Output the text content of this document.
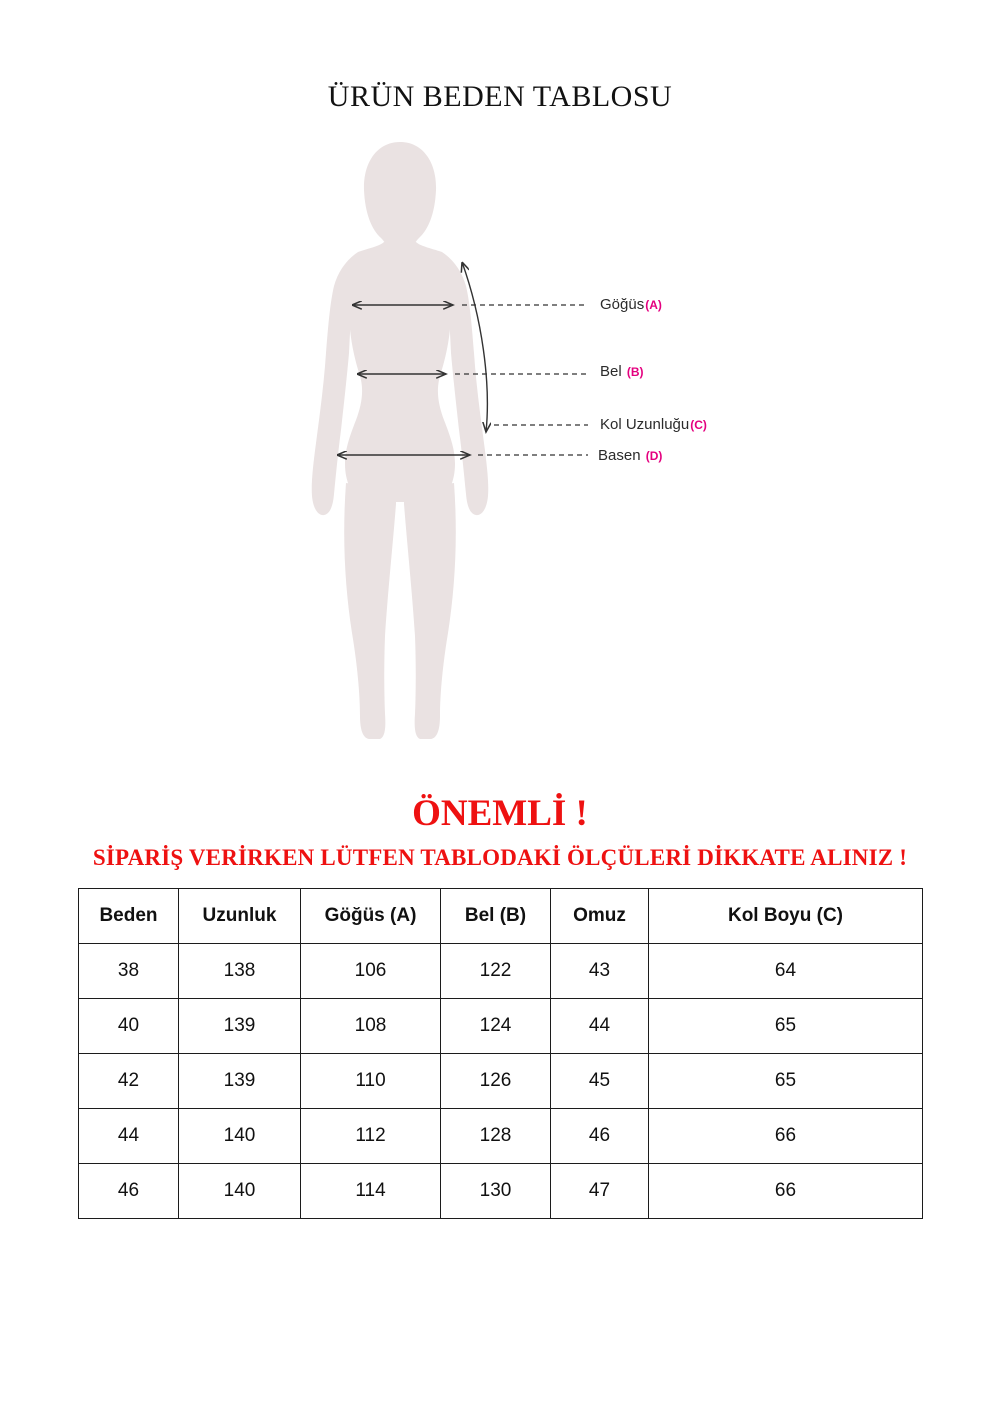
ÜRÜN BEDEN TABLOSU
Göğüs(A)
Bel (B)
Kol Uzunluğu(C)
Basen (D)
ÖNEMLİ !
SİPARİŞ VERİRKEN LÜTFEN TABLODAKİ ÖLÇÜLERİ DİKKATE ALINIZ !
Beden	Uzunluk	Göğüs (A)	Bel (B)	Omuz	Kol Boyu (C)
38	138	106	122	43	64
40	139	108	124	44	65
42	139	110	126	45	65
44	140	112	128	46	66
46	140	114	130	47	66
